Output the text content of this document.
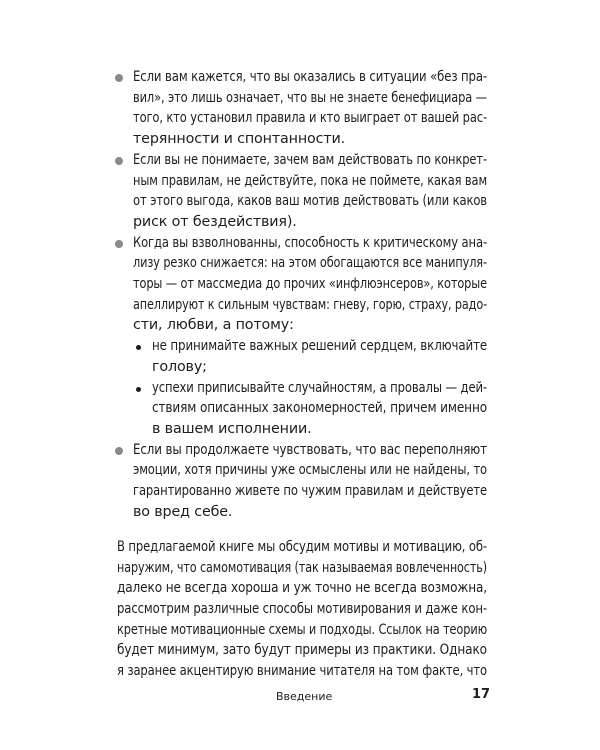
Если вам кажется, что вы оказались в ситуации «без пра-

вил», это лишь означает, что вы не знаете бенефициара —

того, кто установил правила и кто выиграет от вашей рас-

терянности и спонтанности.

Если вы не понимаете, зачем вам действовать по конкрет-

ным правилам, не действуйте, пока не поймете, какая вам

от этого выгода, каков ваш мотив действовать (или каков

риск от бездействия).

Когда вы взволнованны, способность к критическому ана-

лизу резко снижается: на этом обогащаются все манипуля-

торы — от массмедиа до прочих «инфлюэнсеров», которые

апеллируют к сильным чувствам: гневу, горю, страху, радо-

сти, любви, а потому:

не принимайте важных решений сердцем, включайте

голову;

успехи приписывайте случайностям, а провалы — дей-

ствиям описанных закономерностей, причем именно

в вашем исполнении.

Если вы продолжаете чувствовать, что вас переполняют

эмоции, хотя причины уже осмыслены или не найдены, то

гарантированно живете по чужим правилам и действуете

во вред себе.

В предлагаемой книге мы обсудим мотивы и мотивацию, об-

наружим, что самомотивация (так называемая вовлеченность)

далеко не всегда хороша и уж точно не всегда возможна,

рассмотрим различные способы мотивирования и даже кон-

кретные мотивационные схемы и подходы. Ссылок на теорию

будет минимум, зато будут примеры из практики. Однако

я заранее акцентирую внимание читателя на том факте, что

Введение	17
